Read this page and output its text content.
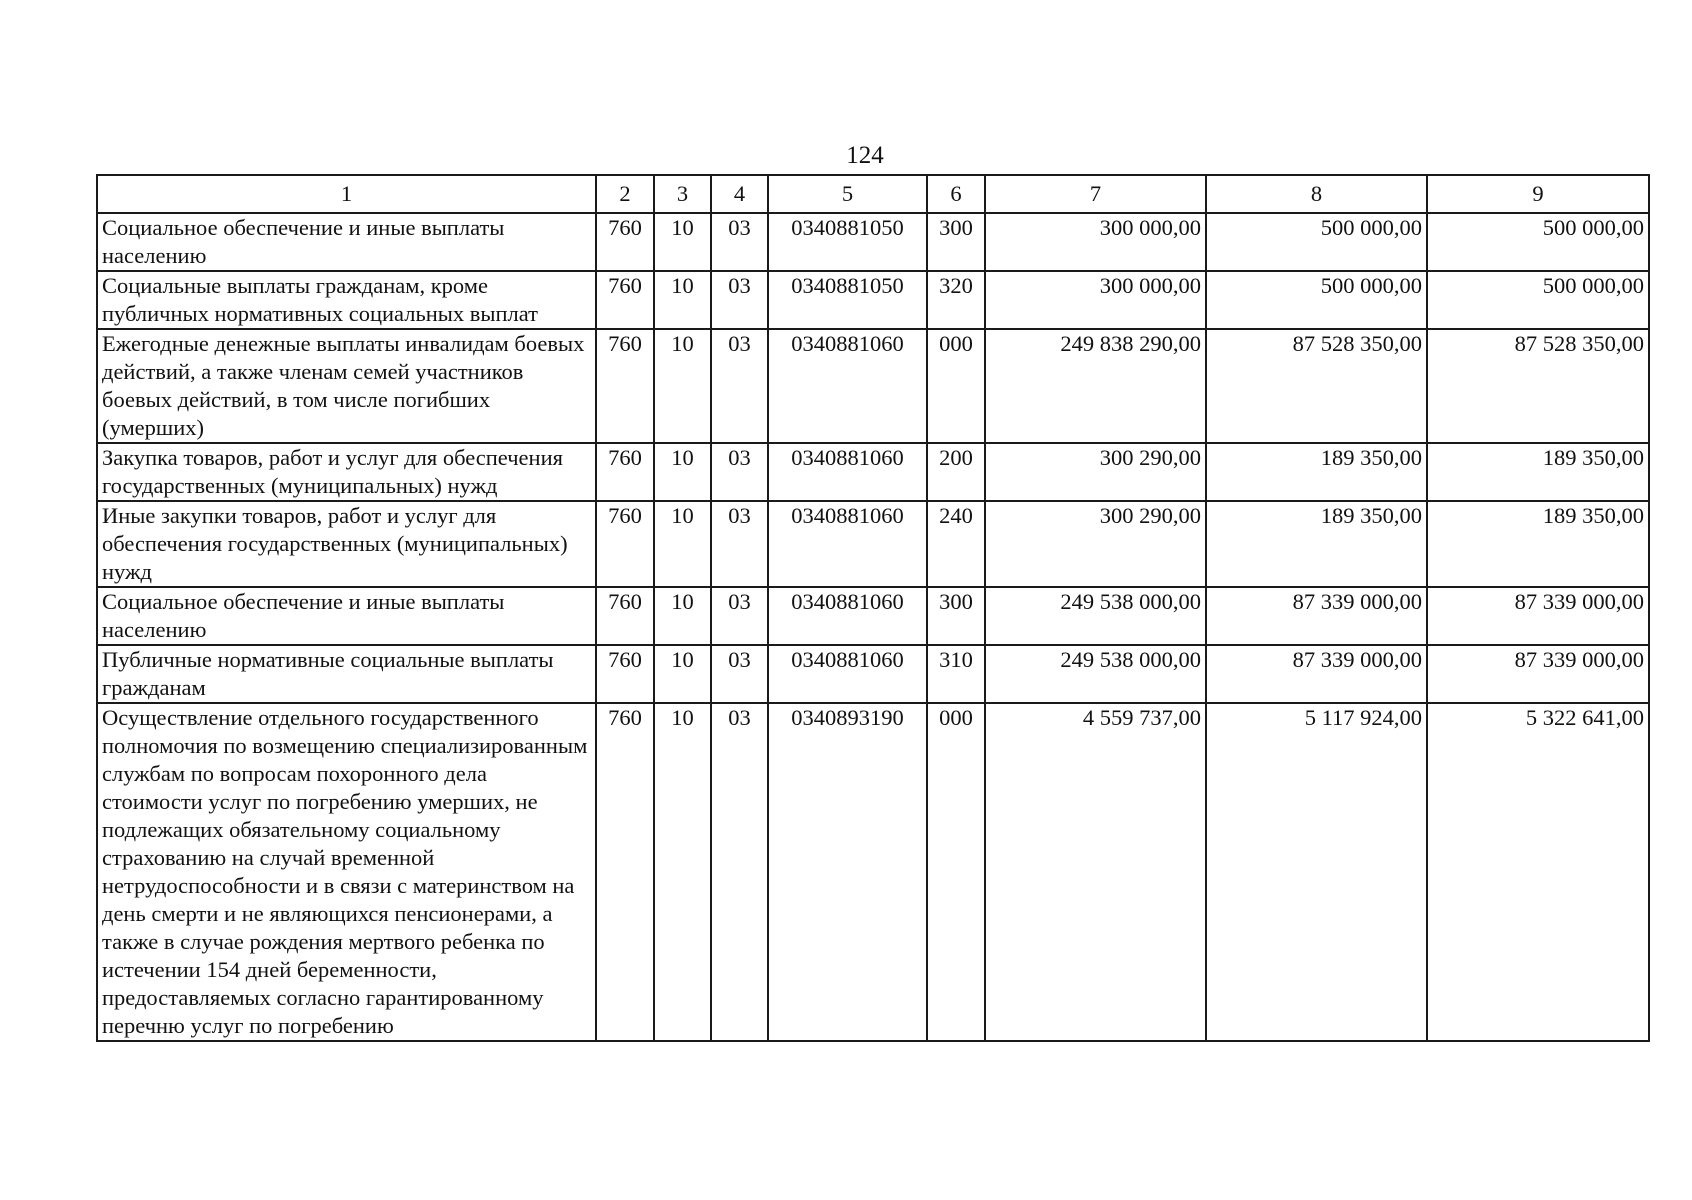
124
1	2	3	4	5	6	7	8	9
Социальное обеспечение и иные выплаты населению	760	10	03	0340881050	300	300 000,00	500 000,00	500 000,00
Социальные выплаты гражданам, кроме публичных нормативных социальных выплат	760	10	03	0340881050	320	300 000,00	500 000,00	500 000,00
Ежегодные денежные выплаты инвалидам боевых действий, а также членам семей участников боевых действий, в том числе погибших (умерших)	760	10	03	0340881060	000	249 838 290,00	87 528 350,00	87 528 350,00
Закупка товаров, работ и услуг для обеспечения государственных (муниципальных) нужд	760	10	03	0340881060	200	300 290,00	189 350,00	189 350,00
Иные закупки товаров, работ и услуг для обеспечения государственных (муниципальных) нужд	760	10	03	0340881060	240	300 290,00	189 350,00	189 350,00
Социальное обеспечение и иные выплаты населению	760	10	03	0340881060	300	249 538 000,00	87 339 000,00	87 339 000,00
Публичные нормативные социальные выплаты гражданам	760	10	03	0340881060	310	249 538 000,00	87 339 000,00	87 339 000,00
Осуществление отдельного государственного полномочия по возмещению специализированным службам по вопросам похоронного дела стоимости услуг по погребению умерших, не подлежащих обязательному социальному страхованию на случай временной нетрудоспособности и в связи с материнством на день смерти и не являющихся пенсионерами, а также в случае рождения мертвого ребенка по истечении 154 дней беременности, предоставляемых согласно гарантированному перечню услуг по погребению	760	10	03	0340893190	000	4 559 737,00	5 117 924,00	5 322 641,00
